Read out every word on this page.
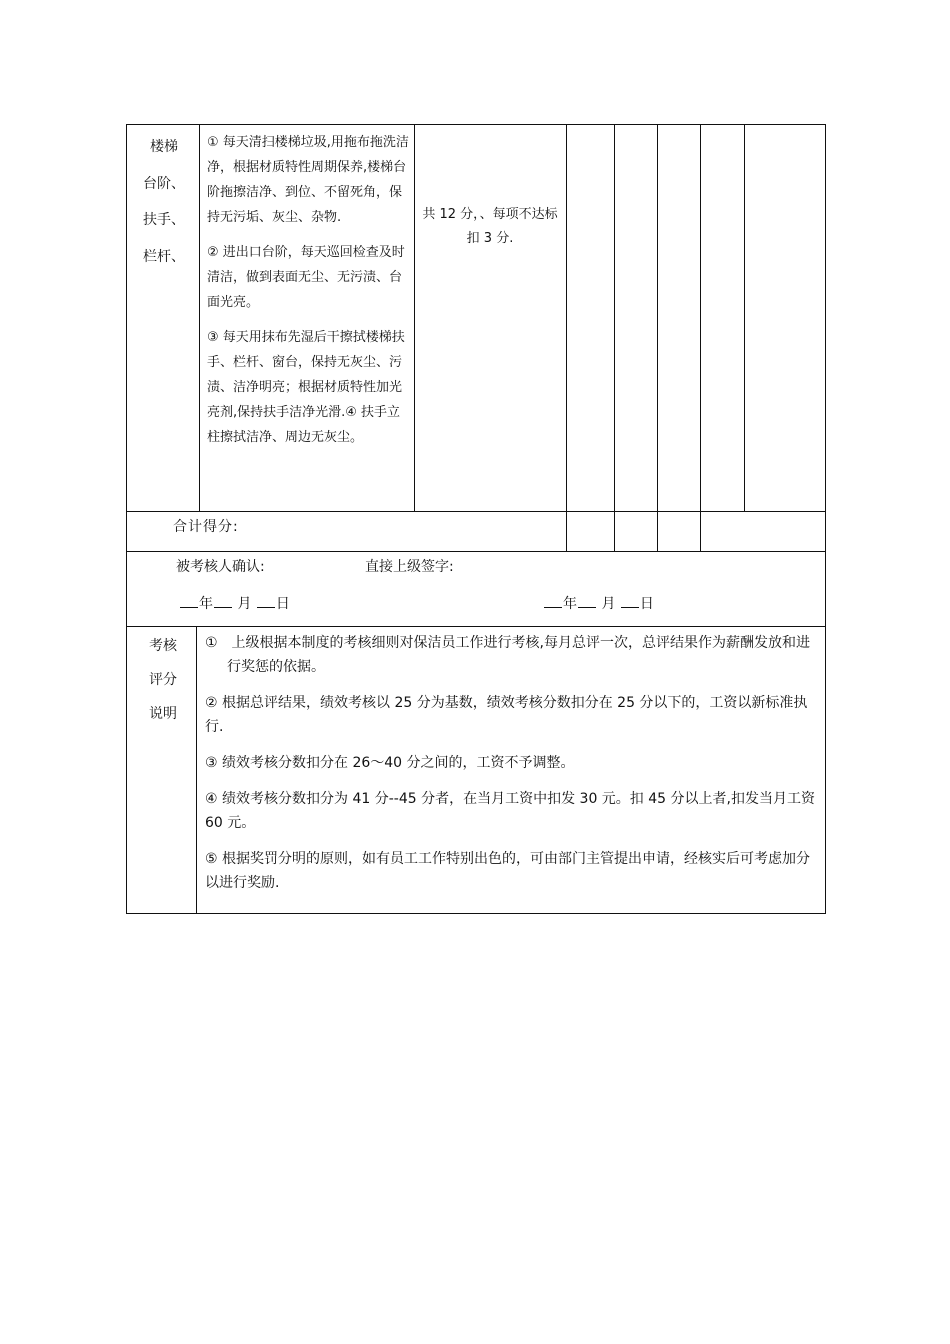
楼梯
台阶、
扶手、
栏杆、

① 每天清扫楼梯垃圾,用拖布拖洗洁净，根据材质特性周期保养,楼梯台阶拖擦洁净、到位、不留死角，保持无污垢、灰尘、杂物.

② 进出口台阶，每天巡回检查及时清洁，做到表面无尘、无污渍、台面光亮。

③ 每天用抹布先湿后干擦拭楼梯扶手、栏杆、窗台，保持无灰尘、污渍、洁净明亮；根据材质特性加光亮剂,保持扶手洁净光滑.④ 扶手立柱擦拭洁净、周边无灰尘。

共 12 分，、每项不达标扣 3 分.
合计得分:
被考核人确认:	直接上级签字:
年 月 日	年 月 日
考核
评分
说明

①　上级根据本制度的考核细则对保洁员工作进行考核,每月总评一次，总评结果作为薪酬发放和进行奖惩的依据。

② 根据总评结果，绩效考核以 25 分为基数，绩效考核分数扣分在 25 分以下的，工资以新标准执行.

③ 绩效考核分数扣分在 26～40 分之间的，工资不予调整。

④ 绩效考核分数扣分为 41 分--45 分者，在当月工资中扣发 30 元。扣 45 分以上者,扣发当月工资 60 元。

⑤ 根据奖罚分明的原则，如有员工工作特别出色的，可由部门主管提出申请，经核实后可考虑加分以进行奖励.
